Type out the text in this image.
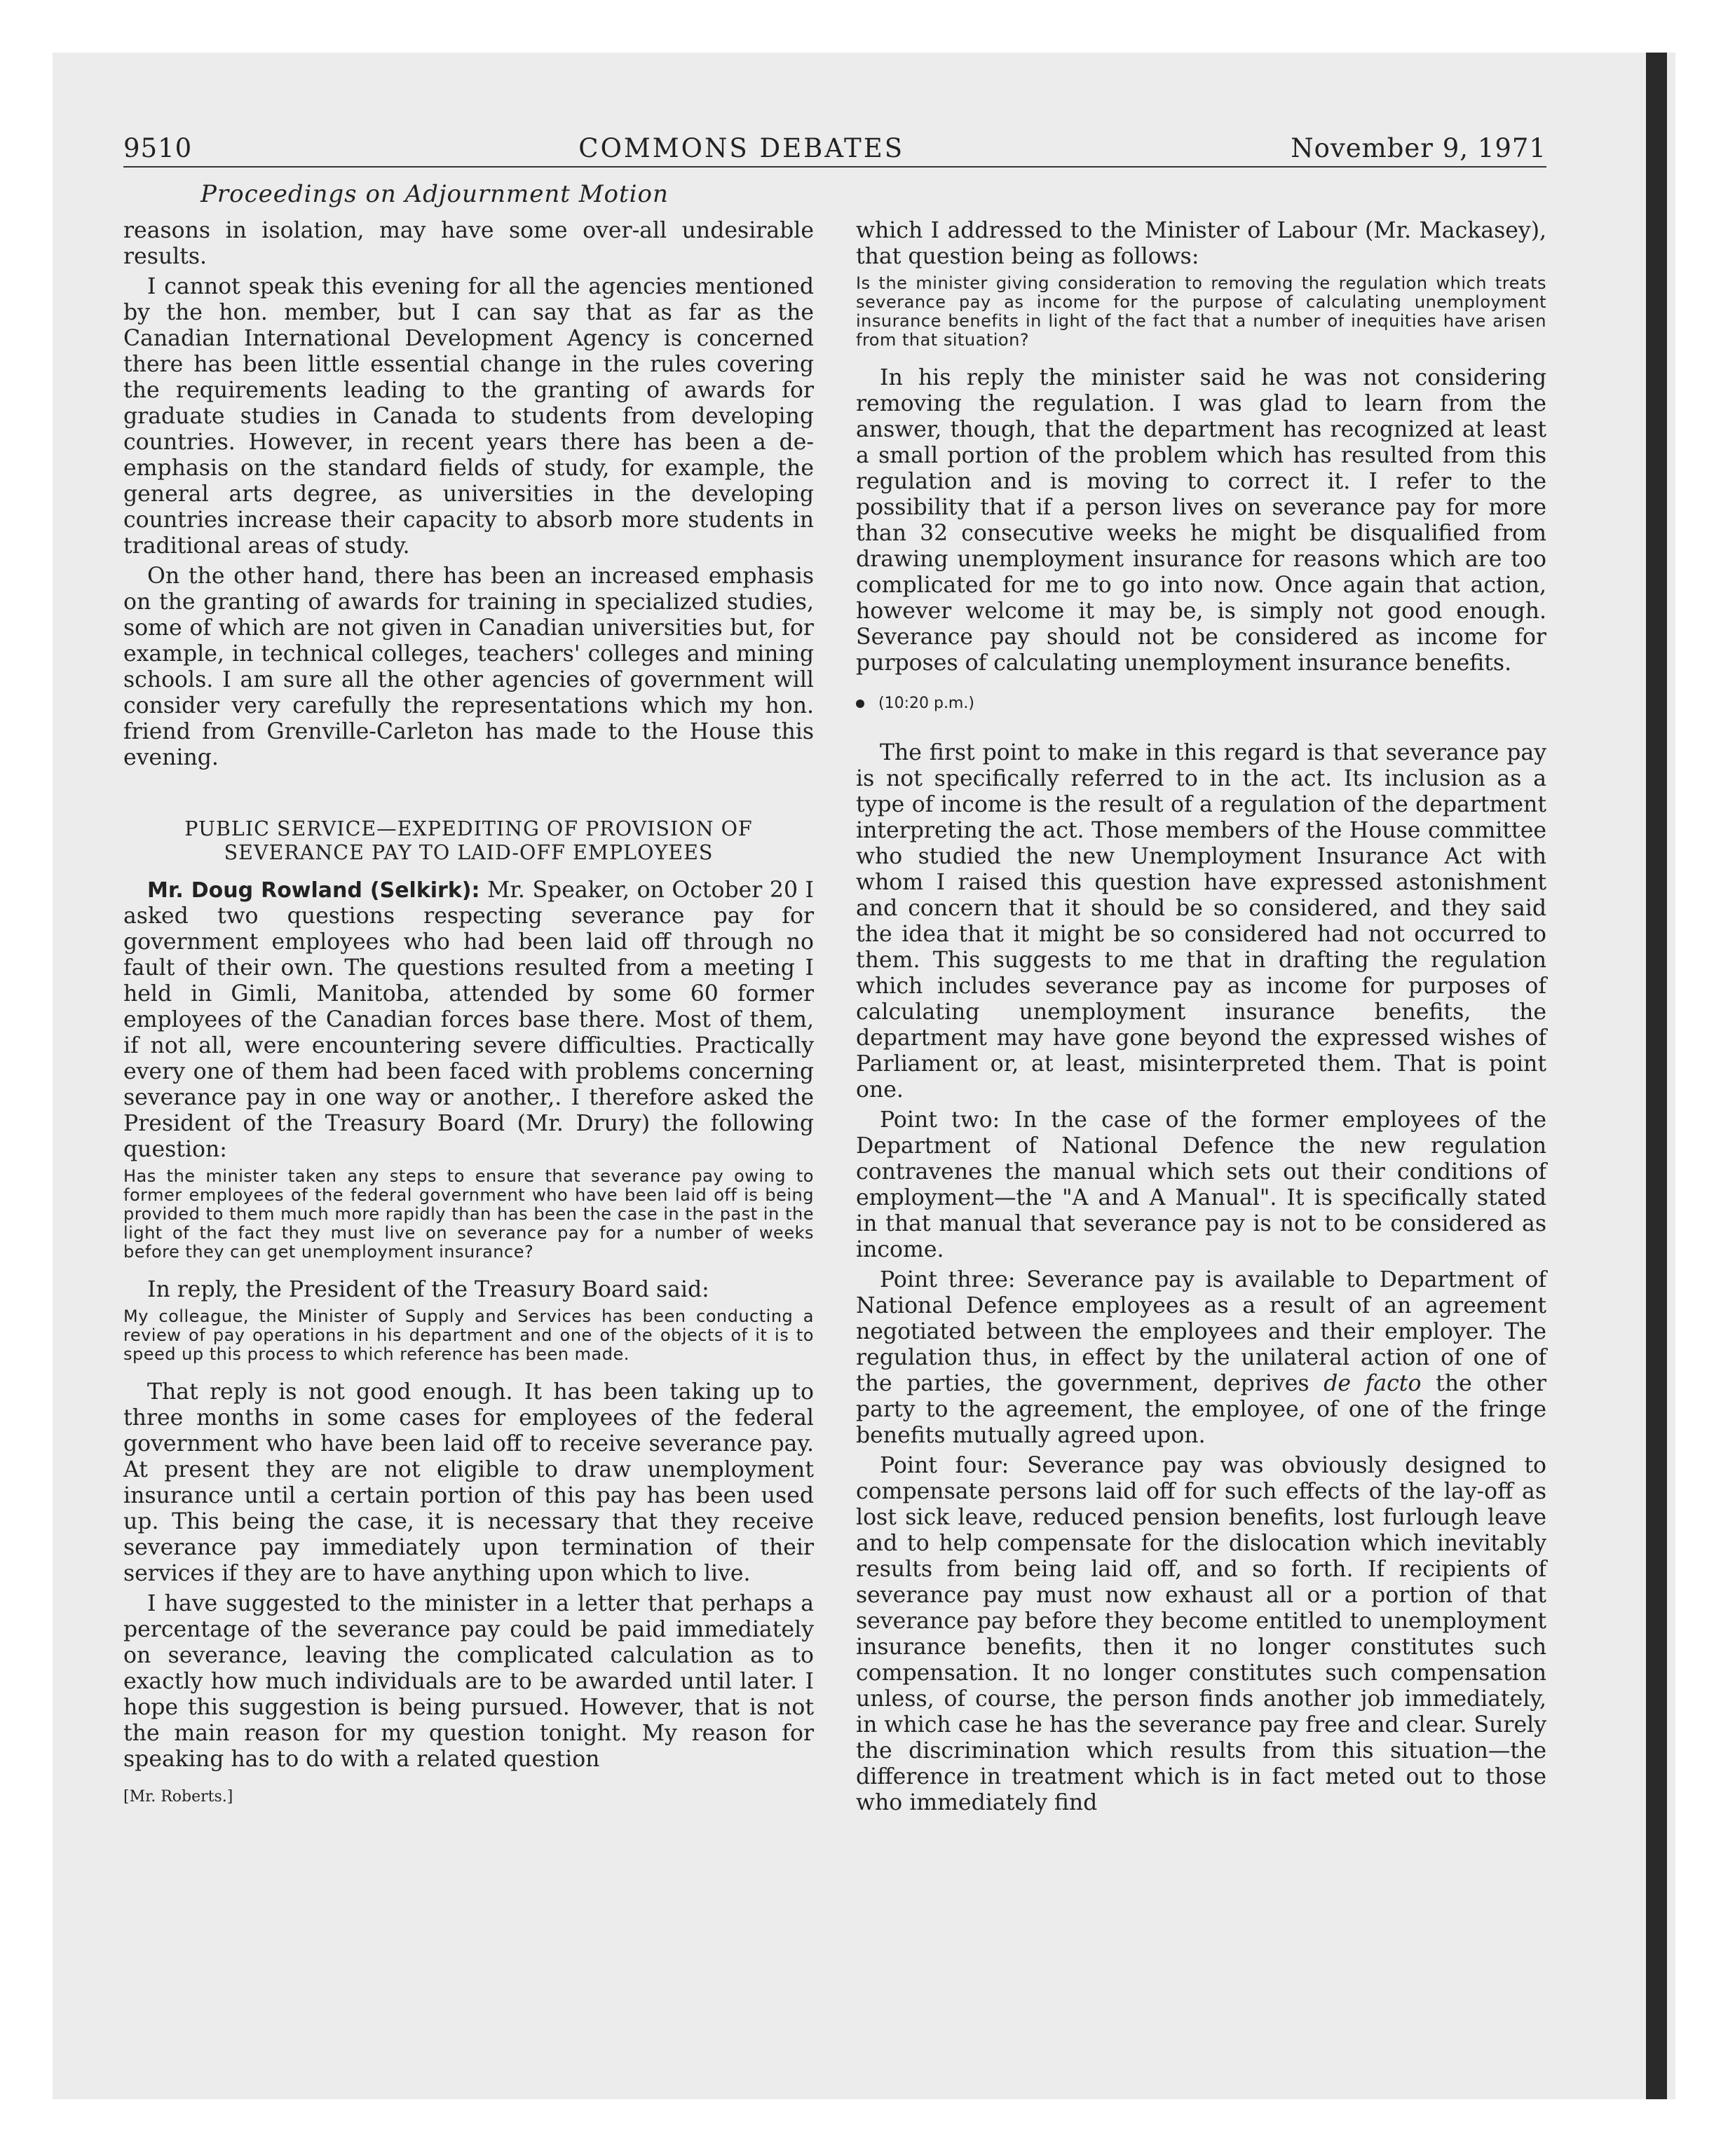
9510	COMMONS DEBATES	November 9, 1971
Proceedings on Adjournment Motion

reasons in isolation, may have some over-all undesirable results.

I cannot speak this evening for all the agencies mentioned by the hon. member, but I can say that as far as the Canadian International Development Agency is concerned there has been little essential change in the rules covering the requirements leading to the granting of awards for graduate studies in Canada to students from developing countries. However, in recent years there has been a de-emphasis on the standard fields of study, for example, the general arts degree, as universities in the developing countries increase their capacity to absorb more students in traditional areas of study.

On the other hand, there has been an increased emphasis on the granting of awards for training in specialized studies, some of which are not given in Canadian universities but, for example, in technical colleges, teachers' colleges and mining schools. I am sure all the other agencies of government will consider very carefully the representations which my hon. friend from Grenville-Carleton has made to the House this evening.

PUBLIC SERVICE—EXPEDITING OF PROVISION OF
SEVERANCE PAY TO LAID-OFF EMPLOYEES

Mr. Doug Rowland (Selkirk): Mr. Speaker, on October 20 I asked two questions respecting severance pay for government employees who had been laid off through no fault of their own. The questions resulted from a meeting I held in Gimli, Manitoba, attended by some 60 former employees of the Canadian forces base there. Most of them, if not all, were encountering severe difficulties. Practically every one of them had been faced with problems concerning severance pay in one way or another,. I therefore asked the President of the Treasury Board (Mr. Drury) the following question:

Has the minister taken any steps to ensure that severance pay owing to former employees of the federal government who have been laid off is being provided to them much more rapidly than has been the case in the past in the light of the fact they must live on severance pay for a number of weeks before they can get unemployment insurance?

In reply, the President of the Treasury Board said:

My colleague, the Minister of Supply and Services has been conducting a review of pay operations in his department and one of the objects of it is to speed up this process to which reference has been made.

That reply is not good enough. It has been taking up to three months in some cases for employees of the federal government who have been laid off to receive severance pay. At present they are not eligible to draw unemployment insurance until a certain portion of this pay has been used up. This being the case, it is necessary that they receive severance pay immediately upon termination of their services if they are to have anything upon which to live.

I have suggested to the minister in a letter that perhaps a percentage of the severance pay could be paid immediately on severance, leaving the complicated calculation as to exactly how much individuals are to be awarded until later. I hope this suggestion is being pursued. However, that is not the main reason for my question tonight. My reason for speaking has to do with a related question

[Mr. Roberts.]

which I addressed to the Minister of Labour (Mr. Mackasey), that question being as follows:

Is the minister giving consideration to removing the regulation which treats severance pay as income for the purpose of calculating unemployment insurance benefits in light of the fact that a number of inequities have arisen from that situation?

In his reply the minister said he was not considering removing the regulation. I was glad to learn from the answer, though, that the department has recognized at least a small portion of the problem which has resulted from this regulation and is moving to correct it. I refer to the possibility that if a person lives on severance pay for more than 32 consecutive weeks he might be disqualified from drawing unemployment insurance for reasons which are too complicated for me to go into now. Once again that action, however welcome it may be, is simply not good enough. Severance pay should not be considered as income for purposes of calculating unemployment insurance benefits.

(10:20 p.m.)

The first point to make in this regard is that severance pay is not specifically referred to in the act. Its inclusion as a type of income is the result of a regulation of the department interpreting the act. Those members of the House committee who studied the new Unemployment Insurance Act with whom I raised this question have expressed astonishment and concern that it should be so considered, and they said the idea that it might be so considered had not occurred to them. This suggests to me that in drafting the regulation which includes severance pay as income for purposes of calculating unemployment insurance benefits, the department may have gone beyond the expressed wishes of Parliament or, at least, misinterpreted them. That is point one.

Point two: In the case of the former employees of the Department of National Defence the new regulation contravenes the manual which sets out their conditions of employment—the "A and A Manual". It is specifically stated in that manual that severance pay is not to be considered as income.

Point three: Severance pay is available to Department of National Defence employees as a result of an agreement negotiated between the employees and their employer. The regulation thus, in effect by the unilateral action of one of the parties, the government, deprives de facto the other party to the agreement, the employee, of one of the fringe benefits mutually agreed upon.

Point four: Severance pay was obviously designed to compensate persons laid off for such effects of the lay-off as lost sick leave, reduced pension benefits, lost furlough leave and to help compensate for the dislocation which inevitably results from being laid off, and so forth. If recipients of severance pay must now exhaust all or a portion of that severance pay before they become entitled to unemployment insurance benefits, then it no longer constitutes such compensation. It no longer constitutes such compensation unless, of course, the person finds another job immediately, in which case he has the severance pay free and clear. Surely the discrimination which results from this situation—the difference in treatment which is in fact meted out to those who immediately find
